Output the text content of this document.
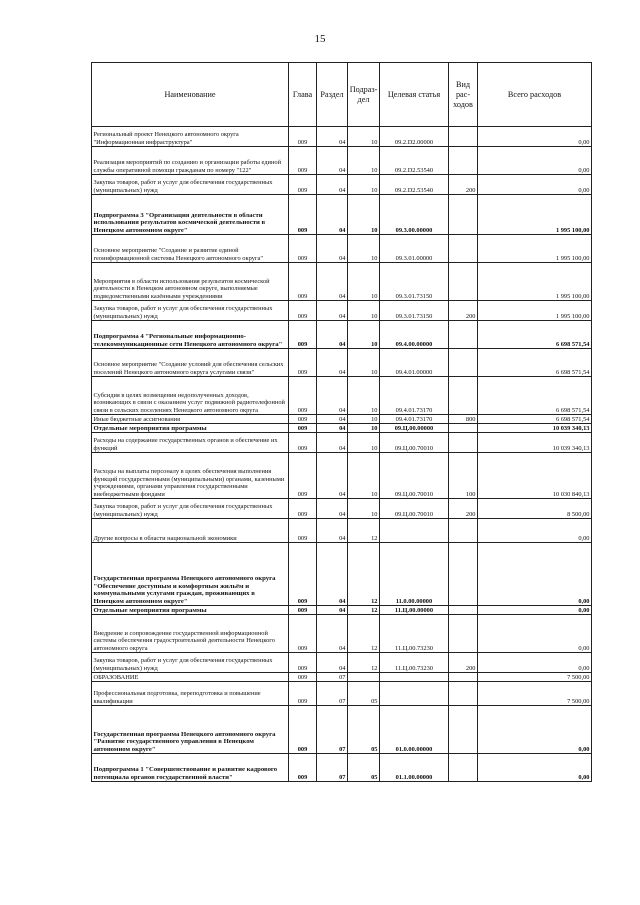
15
Наименование	Глава	Раздел	Подраз-дел	Целевая статья	Вид рас-ходов	Всего расходов
Региональный проект Ненецкого автономного округа "Информационная инфраструктура"	009	04	10	09.2.D2.00000		0,00
Реализация мероприятий по созданию и организации работы единой службы оперативной помощи гражданам по номеру "122"	009	04	10	09.2.D2.53540		0,00
Закупка товаров, работ и услуг для обеспечения государственных (муниципальных) нужд	009	04	10	09.2.D2.53540	200	0,00
Подпрограмма 3 "Организация деятельности в области использования результатов космической деятельности в Ненецком автономном округе"	009	04	10	09.3.00.00000		1 995 100,00
Основное мероприятие "Создание и развитие единой геоинформационной системы Ненецкого автономного округа"	009	04	10	09.3.01.00000		1 995 100,00
Мероприятия в области использования результатов космической деятельности в Ненецком автономном округе, выполняемые подведомственными казёнными учреждениями	009	04	10	09.3.01.73150		1 995 100,00
Закупка товаров, работ и услуг для обеспечения государственных (муниципальных) нужд	009	04	10	09.3.01.73150	200	1 995 100,00
Подпрограмма 4 "Региональные информационно-телекоммуникационные сети Ненецкого автономного округа"	009	04	10	09.4.00.00000		6 698 571,54
Основное мероприятие "Создание условий для обеспечения сельских поселений Ненецкого автономного округа услугами связи"	009	04	10	09.4.01.00000		6 698 571,54
Субсидия в целях возмещения недополученных доходов, возникающих в связи с оказанием услуг подвижной радиотелефонной связи в сельских поселениях Ненецкого автономного округа	009	04	10	09.4.01.73170		6 698 571,54
Иные бюджетные ассигнования	009	04	10	09.4.01.73170	800	6 698 571,54
Отдельные мероприятия программы	009	04	10	09.Ц.00.00000		10 039 340,13
Расходы на содержание государственных органов и обеспечение их функций	009	04	10	09.Ц.00.70010		10 039 340,13
Расходы на выплаты персоналу в целях обеспечения выполнения функций государственными (муниципальными) органами, казенными учреждениями, органами управления государственными внебюджетными фондами	009	04	10	09.Ц.00.70010	100	10 030 840,13
Закупка товаров, работ и услуг для обеспечения государственных (муниципальных) нужд	009	04	10	09.Ц.00.70010	200	8 500,00
Другие вопросы в области национальной экономики	009	04	12			0,00
Государственная программа Ненецкого автономного округа "Обеспечение доступным и комфортным жильём и коммунальными услугами граждан, проживающих в Ненецком автономном округе"	009	04	12	11.0.00.00000		0,00
Отдельные мероприятия программы	009	04	12	11.Ц.00.00000		0,00
Внедрение и сопровождение государственной информационной системы обеспечения градостроительной деятельности Ненецкого автономного округа	009	04	12	11.Ц.00.73230		0,00
Закупка товаров, работ и услуг для обеспечения государственных (муниципальных) нужд	009	04	12	11.Ц.00.73230	200	0,00
ОБРАЗОВАНИЕ	009	07				7 500,00
Профессиональная подготовка, переподготовка и повышение квалификации	009	07	05			7 500,00
Государственная программа Ненецкого автономного округа "Развитие государственного управления в Ненецком автономном округе"	009	07	05	01.0.00.00000		0,00
Подпрограмма 1 "Совершенствование и развитие кадрового потенциала органов государственной власти"	009	07	05	01.1.00.00000		0,00
